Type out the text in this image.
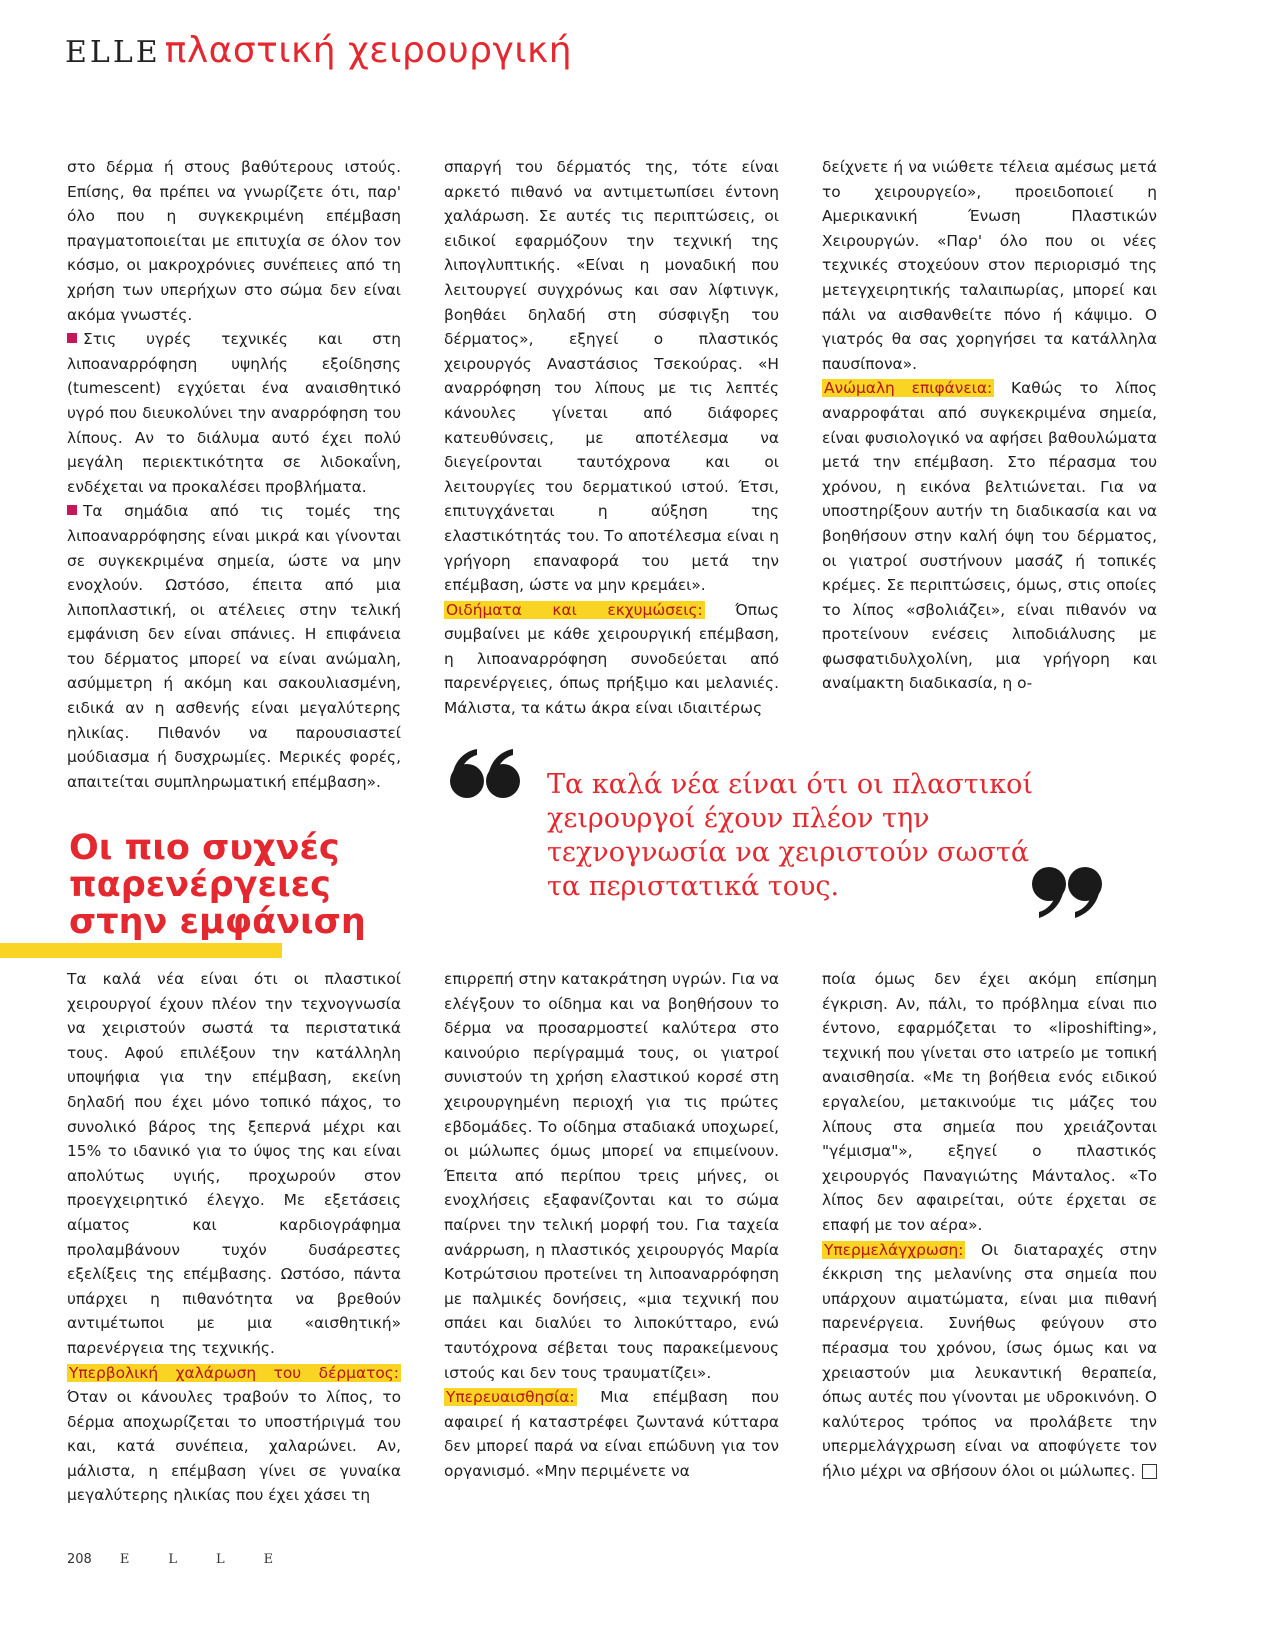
ELLE πλαστική χειρουργική

στο δέρμα ή στους βαθύτερους ιστούς. Επίσης, θα πρέπει να γνωρίζετε ότι, παρ' όλο που η συγκεκριμένη επέμβαση πραγματοποιείται με επιτυχία σε όλον τον κόσμο, οι μακροχρόνιες συνέπειες από τη χρήση των υπερήχων στο σώμα δεν είναι ακόμα γνωστές.

Στις υγρές τεχνικές και στη λιποαναρρόφηση υψηλής εξοίδησης (tumescent) εγχύεται ένα αναισθητικό υγρό που διευκολύνει την αναρρόφηση του λίπους. Αν το διάλυμα αυτό έχει πολύ μεγάλη περιεκτικότητα σε λιδοκαΐνη, ενδέχεται να προκαλέσει προβλήματα.

Τα σημάδια από τις τομές της λιποαναρρόφησης είναι μικρά και γίνονται σε συγκεκριμένα σημεία, ώστε να μην ενοχλούν. Ωστόσο, έπειτα από μια λιποπλαστική, οι ατέλειες στην τελική εμφάνιση δεν είναι σπάνιες. Η επιφάνεια του δέρματος μπορεί να είναι ανώμαλη, ασύμμετρη ή ακόμη και σακουλιασμένη, ειδικά αν η ασθενής είναι μεγαλύτερης ηλικίας. Πιθανόν να παρουσιαστεί μούδιασμα ή δυσχρωμίες. Μερικές φορές, απαιτείται συμπληρωματική επέμβαση».

σπαργή του δέρματός της, τότε είναι αρκετό πιθανό να αντιμετωπίσει έντονη χαλάρωση. Σε αυτές τις περιπτώσεις, οι ειδικοί εφαρμόζουν την τεχνική της λιπογλυπτικής. «Είναι η μοναδική που λειτουργεί συγχρόνως και σαν λίφτινγκ, βοηθάει δηλαδή στη σύσφιγξη του δέρματος», εξηγεί ο πλαστικός χειρουργός Αναστάσιος Τσεκούρας. «Η αναρρόφηση του λίπους με τις λεπτές κάνουλες γίνεται από διάφορες κατευθύνσεις, με αποτέλεσμα να διεγείρονται ταυτόχρονα και οι λειτουργίες του δερματικού ιστού. Έτσι, επιτυγχάνεται η αύξηση της ελαστικότητάς του. Το αποτέλεσμα είναι η γρήγορη επαναφορά του μετά την επέμβαση, ώστε να μην κρεμάει».

Οιδήματα και εκχυμώσεις: Όπως συμβαίνει με κάθε χειρουργική επέμβαση, η λιποαναρρόφηση συνοδεύεται από παρενέργειες, όπως πρήξιμο και μελανιές. Μάλιστα, τα κάτω άκρα είναι ιδιαιτέρως

δείχνετε ή να νιώθετε τέλεια αμέσως μετά το χειρουργείο», προειδοποιεί η Αμερικανική Ένωση Πλαστικών Χειρουργών. «Παρ' όλο που οι νέες τεχνικές στοχεύουν στον περιορισμό της μετεγχειρητικής ταλαιπωρίας, μπορεί και πάλι να αισθανθείτε πόνο ή κάψιμο. Ο γιατρός θα σας χορηγήσει τα κατάλληλα παυσίπονα».

Ανώμαλη επιφάνεια: Καθώς το λίπος αναρροφάται από συγκεκριμένα σημεία, είναι φυσιολογικό να αφήσει βαθουλώματα μετά την επέμβαση. Στο πέρασμα του χρόνου, η εικόνα βελτιώνεται. Για να υποστηρίξουν αυτήν τη διαδικασία και να βοηθήσουν στην καλή όψη του δέρματος, οι γιατροί συστήνουν μασάζ ή τοπικές κρέμες. Σε περιπτώσεις, όμως, στις οποίες το λίπος «σβολιάζει», είναι πιθανόν να προτείνουν ενέσεις λιποδιάλυσης με φωσφατιδυλχολίνη, μια γρήγορη και αναίμακτη διαδικασία, η ο-

Τα καλά νέα είναι ότι οι πλαστικοί χειρουργοί έχουν πλέον την τεχνογνωσία να χειριστούν σωστά τα περιστατικά τους.
Οι πιο συχνές
παρενέργειες
στην εμφάνιση

Τα καλά νέα είναι ότι οι πλαστικοί χειρουργοί έχουν πλέον την τεχνογνωσία να χειριστούν σωστά τα περιστατικά τους. Αφού επιλέξουν την κατάλληλη υποψήφια για την επέμβαση, εκείνη δηλαδή που έχει μόνο τοπικό πάχος, το συνολικό βάρος της ξεπερνά μέχρι και 15% το ιδανικό για το ύψος της και είναι απολύτως υγιής, προχωρούν στον προεγχειρητικό έλεγχο. Με εξετάσεις αίματος και καρδιογράφημα προλαμβάνουν τυχόν δυσάρεστες εξελίξεις της επέμβασης. Ωστόσο, πάντα υπάρχει η πιθανότητα να βρεθούν αντιμέτωποι με μια «αισθητική» παρενέργεια της τεχνικής.

Υπερβολική χαλάρωση του δέρματος: Όταν οι κάνουλες τραβούν το λίπος, το δέρμα αποχωρίζεται το υποστήριγμά του και, κατά συνέπεια, χαλαρώνει. Αν, μάλιστα, η επέμβαση γίνει σε γυναίκα μεγαλύτερης ηλικίας που έχει χάσει τη

επιρρεπή στην κατακράτηση υγρών. Για να ελέγξουν το οίδημα και να βοηθήσουν το δέρμα να προσαρμοστεί καλύτερα στο καινούριο περίγραμμά τους, οι γιατροί συνιστούν τη χρήση ελαστικού κορσέ στη χειρουργημένη περιοχή για τις πρώτες εβδομάδες. Το οίδημα σταδιακά υποχωρεί, οι μώλωπες όμως μπορεί να επιμείνουν. Έπειτα από περίπου τρεις μήνες, οι ενοχλήσεις εξαφανίζονται και το σώμα παίρνει την τελική μορφή του. Για ταχεία ανάρρωση, η πλαστικός χειρουργός Μαρία Κοτρώτσιου προτείνει τη λιποαναρρόφηση με παλμικές δονήσεις, «μια τεχνική που σπάει και διαλύει το λιποκύτταρο, ενώ ταυτόχρονα σέβεται τους παρακείμενους ιστούς και δεν τους τραυματίζει».

Υπερευαισθησία: Μια επέμβαση που αφαιρεί ή καταστρέφει ζωντανά κύτταρα δεν μπορεί παρά να είναι επώδυνη για τον οργανισμό. «Μην περιμένετε να

ποία όμως δεν έχει ακόμη επίσημη έγκριση. Αν, πάλι, το πρόβλημα είναι πιο έντονο, εφαρμόζεται το «liposhifting», τεχνική που γίνεται στο ιατρείο με τοπική αναισθησία. «Με τη βοήθεια ενός ειδικού εργαλείου, μετακινούμε τις μάζες του λίπους στα σημεία που χρειάζονται "γέμισμα"», εξηγεί ο πλαστικός χειρουργός Παναγιώτης Μάνταλος. «Το λίπος δεν αφαιρείται, ούτε έρχεται σε επαφή με τον αέρα».

Υπερμελάγχρωση: Οι διαταραχές στην έκκριση της μελανίνης στα σημεία που υπάρχουν αιματώματα, είναι μια πιθανή παρενέργεια. Συνήθως φεύγουν στο πέρασμα του χρόνου, ίσως όμως και να χρειαστούν μια λευκαντική θεραπεία, όπως αυτές που γίνονται με υδροκινόνη. Ο καλύτερος τρόπος να προλάβετε την υπερμελάγχρωση είναι να αποφύγετε τον ήλιο μέχρι να σβήσουν όλοι οι μώλωπες.

208 E	L	L	E
